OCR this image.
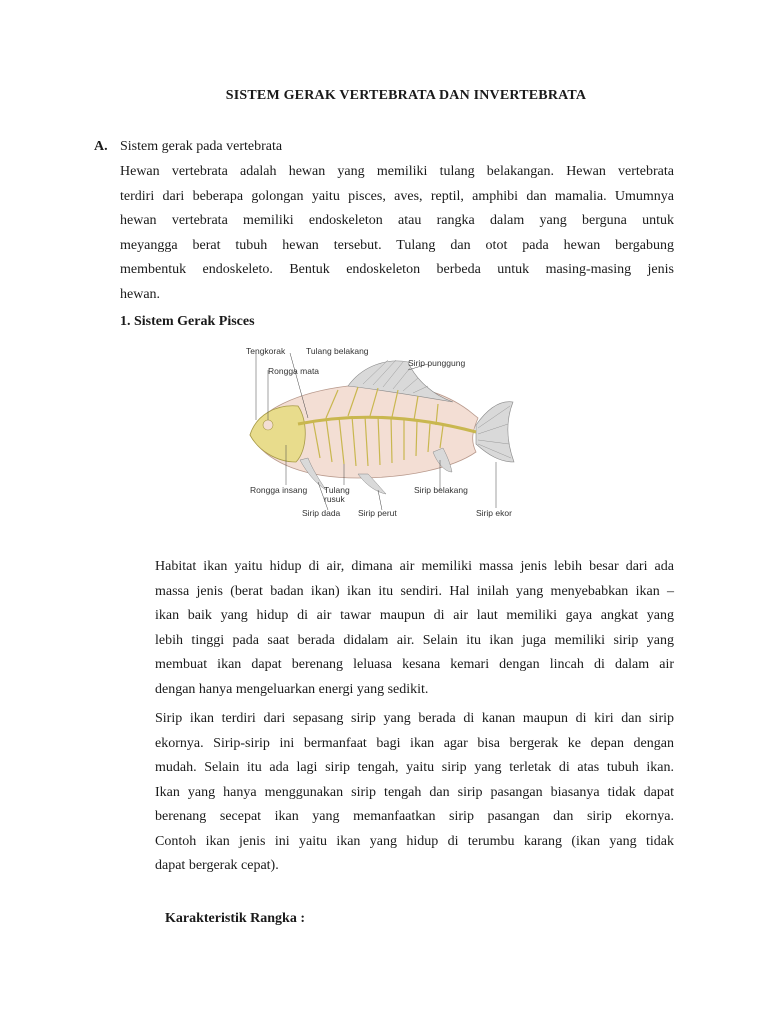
SISTEM GERAK VERTEBRATA DAN INVERTEBRATA
A. Sistem gerak pada vertebrata
Hewan vertebrata adalah hewan yang memiliki tulang belakangan. Hewan vertebrata
terdiri dari beberapa golongan yaitu pisces, aves, reptil, amphibi dan mamalia. Umumnya
hewan vertebrata memiliki endoskeleton atau rangka dalam yang berguna untuk
meyangga berat tubuh hewan tersebut. Tulang dan otot pada hewan bergabung
membentuk endoskeleto. Bentuk endoskeleton berbeda untuk masing-masing jenis
hewan.
1. Sistem Gerak Pisces
Tengkorak Tulang belakang
Sirip punggung
Rongga mata
Rongga insang Tulang
rusuk
Sirip belakang
Sirip dada Sirip perut	Sirip ekor
Habitat ikan yaitu hidup di air, dimana air memiliki massa jenis lebih besar dari ada
massa jenis (berat badan ikan) ikan itu sendiri. Hal inilah yang menyebabkan ikan –
ikan baik yang hidup di air tawar maupun di air laut memiliki gaya angkat yang
lebih tinggi pada saat berada didalam air. Selain itu ikan juga memiliki sirip yang
membuat ikan dapat berenang leluasa kesana kemari dengan lincah di dalam air
dengan hanya mengeluarkan energi yang sedikit.
Sirip ikan terdiri dari sepasang sirip yang berada di kanan maupun di kiri dan sirip
ekornya. Sirip-sirip ini bermanfaat bagi ikan agar bisa bergerak ke depan dengan
mudah. Selain itu ada lagi sirip tengah, yaitu sirip yang terletak di atas tubuh ikan.
Ikan yang hanya menggunakan sirip tengah dan sirip pasangan biasanya tidak dapat
berenang secepat ikan yang memanfaatkan sirip pasangan dan sirip ekornya.
Contoh ikan jenis ini yaitu ikan yang hidup di terumbu karang (ikan yang tidak
dapat bergerak cepat).
Karakteristik Rangka :
